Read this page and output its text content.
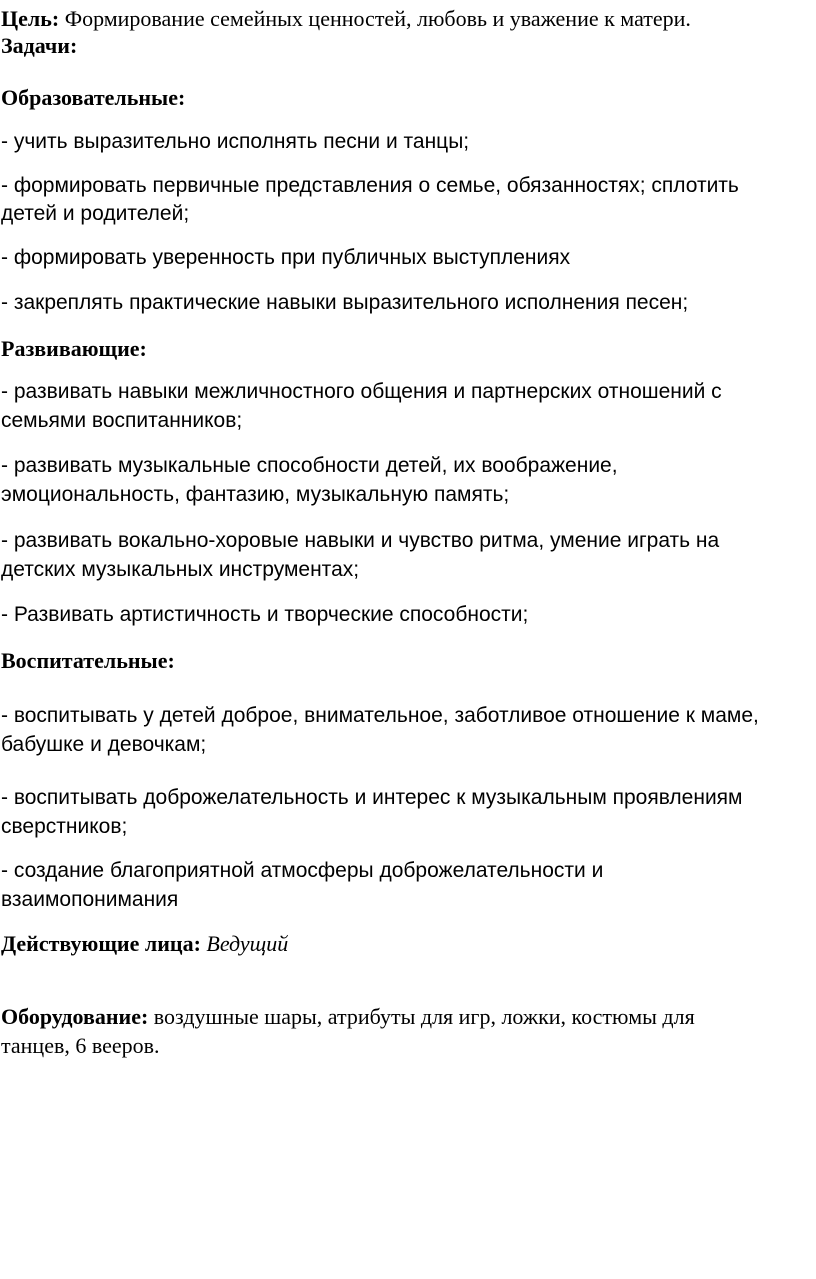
Цель: Формирование семейных ценностей, любовь и уважение к матери.
Задачи:
Образовательные:
- учить выразительно исполнять песни и танцы;
- формировать первичные представления о семье, обязанностях; сплотить
детей и родителей;
- формировать уверенность при публичных выступлениях
- закреплять практические навыки выразительного исполнения песен;
Развивающие:
- развивать навыки межличностного общения и партнерских отношений с
семьями воспитанников;
- развивать музыкальные способности детей, их воображение,
эмоциональность, фантазию, музыкальную память;
- развивать вокально-хоровые навыки и чувство ритма, умение играть на
детских музыкальных инструментах;
- Развивать артистичность и творческие способности;
Воспитательные:
- воспитывать у детей доброе, внимательное, заботливое отношение к маме,
бабушке и девочкам;
- воспитывать доброжелательность и интерес к музыкальным проявлениям
сверстников;
- создание благоприятной атмосферы доброжелательности и
взаимопонимания
Действующие лица: Ведущий
Оборудование: воздушные шары, атрибуты для игр, ложки, костюмы для
танцев, 6 вееров.
